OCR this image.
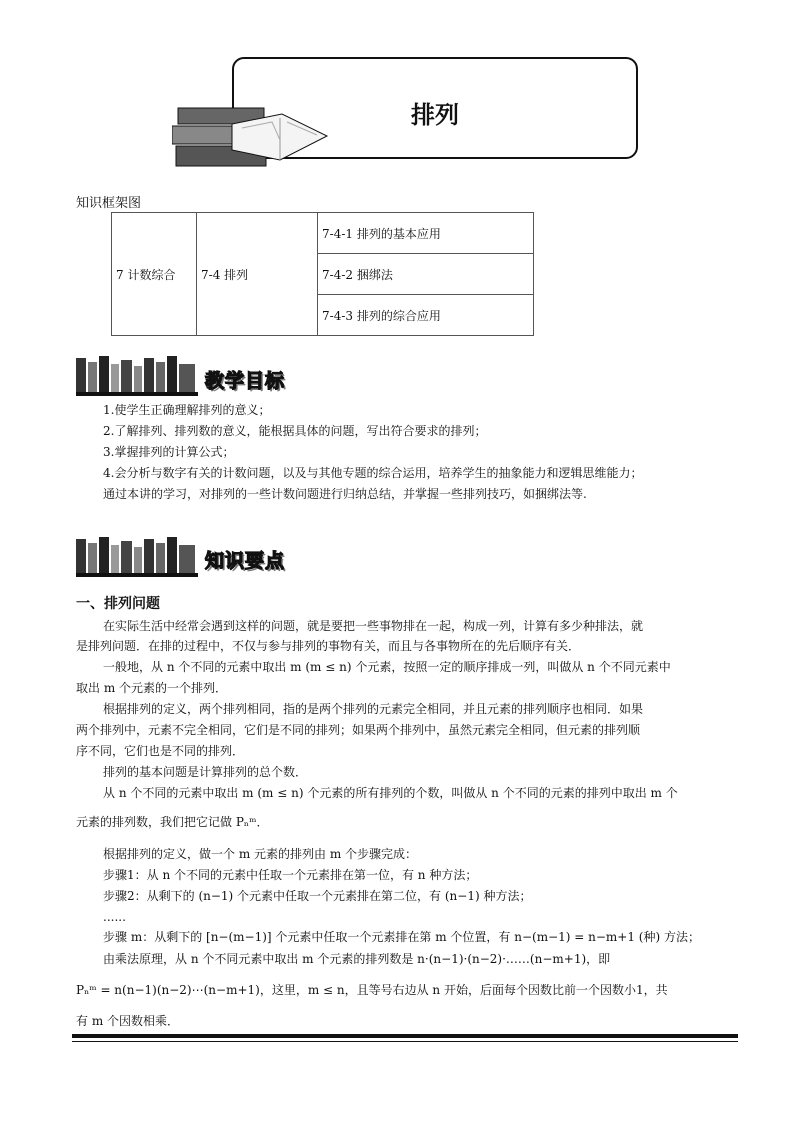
排列
知识框架图
7 计数综合	7-4 排列	7-4-1 排列的基本应用
7-4-2 捆绑法
7-4-3 排列的综合应用
教学目标
1.使学生正确理解排列的意义；
2.了解排列、排列数的意义，能根据具体的问题，写出符合要求的排列；
3.掌握排列的计算公式；
4.会分析与数字有关的计数问题，以及与其他专题的综合运用，培养学生的抽象能力和逻辑思维能力；
通过本讲的学习，对排列的一些计数问题进行归纳总结，并掌握一些排列技巧，如捆绑法等.
知识要点
一、排列问题
在实际生活中经常会遇到这样的问题，就是要把一些事物排在一起，构成一列，计算有多少种排法，就
是排列问题．在排的过程中，不仅与参与排列的事物有关，而且与各事物所在的先后顺序有关．
一般地，从 n 个不同的元素中取出 m (m ≤ n) 个元素，按照一定的顺序排成一列，叫做从 n 个不同元素中
取出 m 个元素的一个排列．
根据排列的定义，两个排列相同，指的是两个排列的元素完全相同，并且元素的排列顺序也相同．如果
两个排列中，元素不完全相同，它们是不同的排列；如果两个排列中，虽然元素完全相同，但元素的排列顺
序不同，它们也是不同的排列．
排列的基本问题是计算排列的总个数．
从 n 个不同的元素中取出 m (m ≤ n) 个元素的所有排列的个数，叫做从 n 个不同的元素的排列中取出 m 个
元素的排列数，我们把它记做 Pₙᵐ．
根据排列的定义，做一个 m 元素的排列由 m 个步骤完成：
步骤1：从 n 个不同的元素中任取一个元素排在第一位，有 n 种方法；
步骤2：从剩下的 (n−1) 个元素中任取一个元素排在第二位，有 (n−1) 种方法；
......
步骤 m：从剩下的 [n−(m−1)] 个元素中任取一个元素排在第 m 个位置，有 n−(m−1) = n−m+1 (种) 方法；
由乘法原理，从 n 个不同元素中取出 m 个元素的排列数是 n·(n−1)·(n−2)·……(n−m+1)，即
Pₙᵐ = n(n−1)(n−2)⋯(n−m+1)，这里，m ≤ n，且等号右边从 n 开始，后面每个因数比前一个因数小1，共
有 m 个因数相乘．
